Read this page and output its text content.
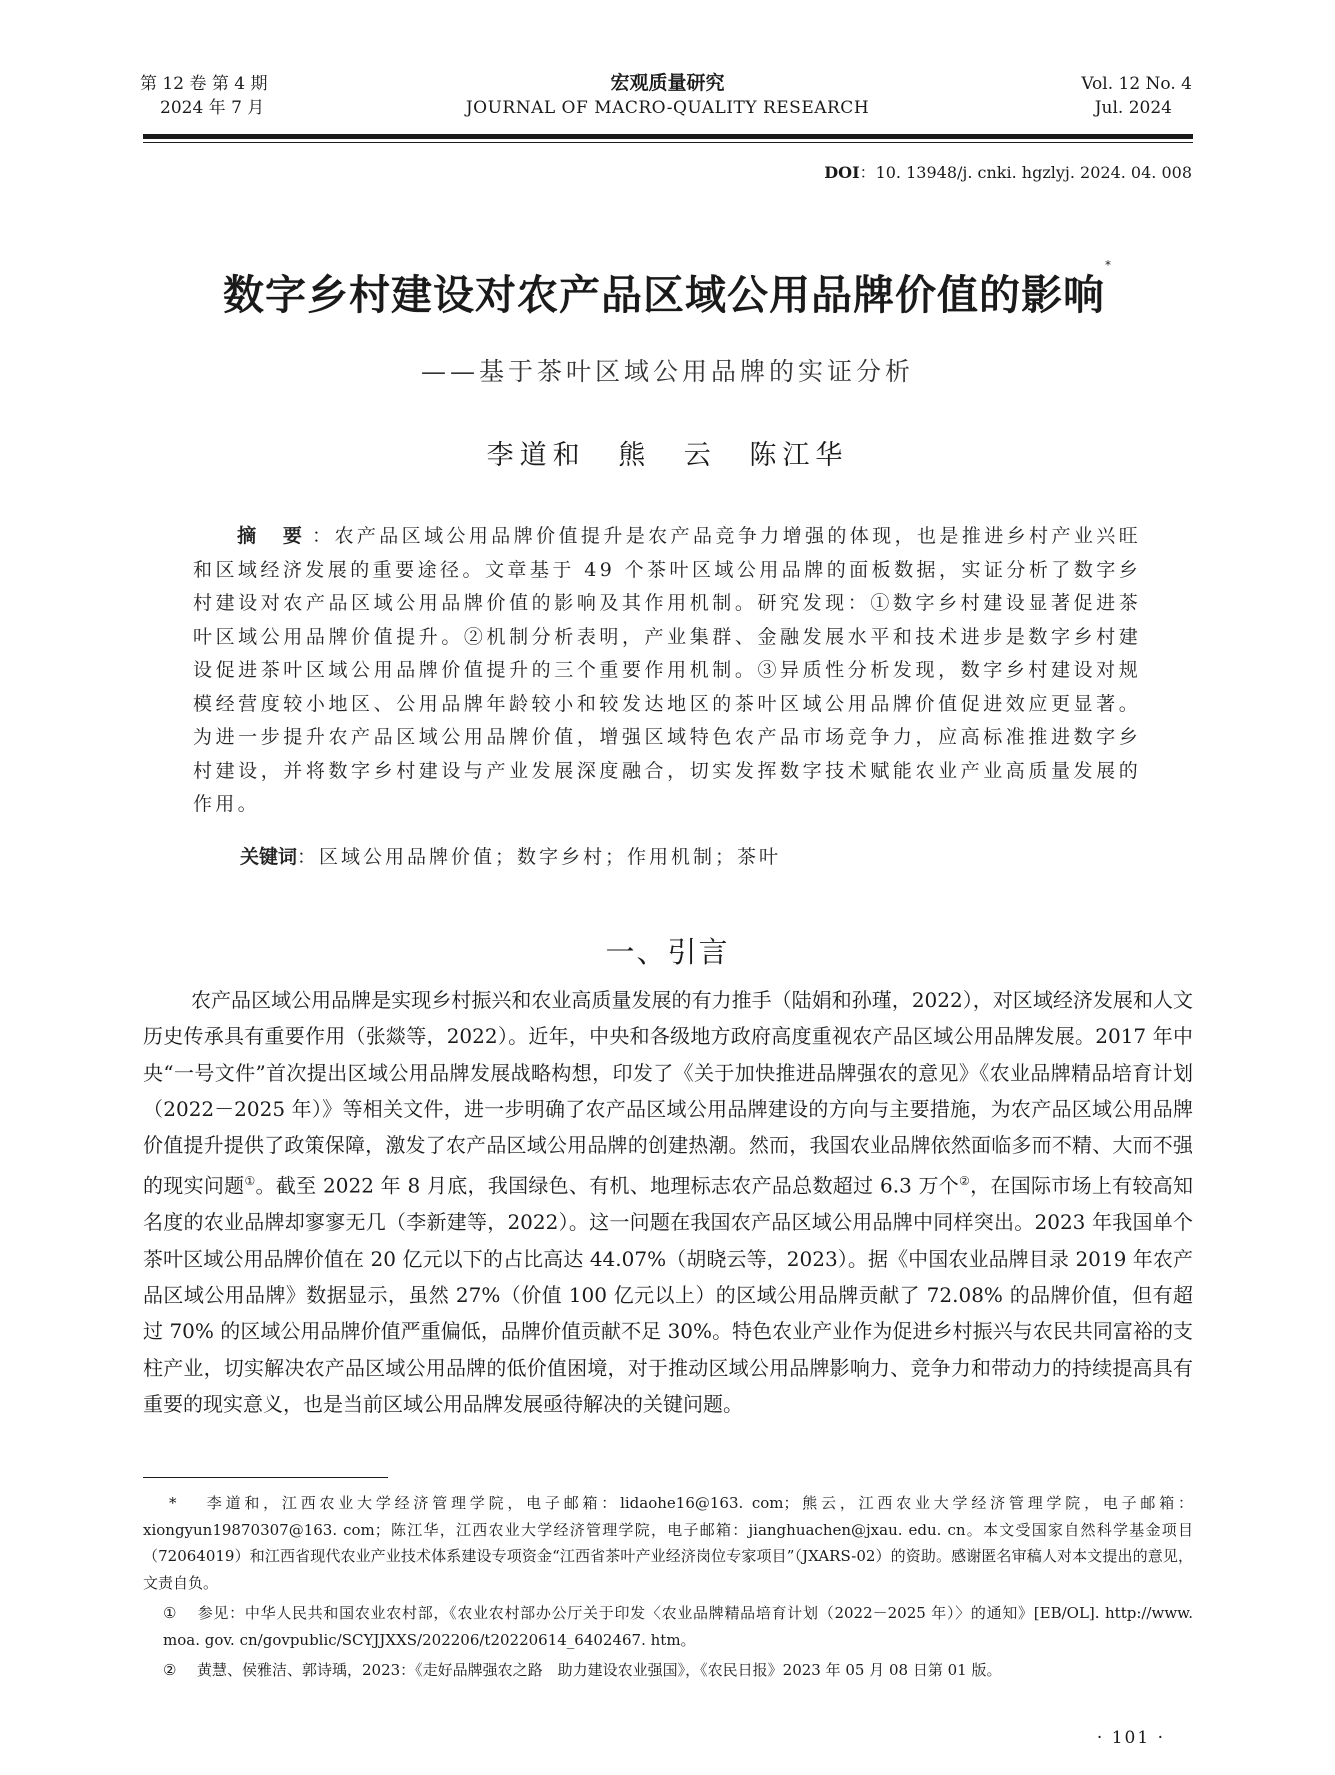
第 12 卷 第 4 期
2024 年 7 月
宏观质量研究
JOURNAL OF MACRO-QUALITY RESEARCH
Vol. 12 No. 4
Jul. 2024
DOI：10. 13948/j. cnki. hgzlyj. 2024. 04. 008
数字乡村建设对农产品区域公用品牌价值的影响*
——基于茶叶区域公用品牌的实证分析
李道和 熊 云 陈江华
摘 要：农产品区域公用品牌价值提升是农产品竞争力增强的体现，也是推进乡村产业兴旺和区域经济发展的重要途径。文章基于 49 个茶叶区域公用品牌的面板数据，实证分析了数字乡村建设对农产品区域公用品牌价值的影响及其作用机制。研究发现：①数字乡村建设显著促进茶叶区域公用品牌价值提升。②机制分析表明，产业集群、金融发展水平和技术进步是数字乡村建设促进茶叶区域公用品牌价值提升的三个重要作用机制。③异质性分析发现，数字乡村建设对规模经营度较小地区、公用品牌年龄较小和较发达地区的茶叶区域公用品牌价值促进效应更显著。为进一步提升农产品区域公用品牌价值，增强区域特色农产品市场竞争力，应高标准推进数字乡村建设，并将数字乡村建设与产业发展深度融合，切实发挥数字技术赋能农业产业高质量发展的作用。
关键词：区域公用品牌价值；数字乡村；作用机制；茶叶
一、引言
农产品区域公用品牌是实现乡村振兴和农业高质量发展的有力推手（陆娟和孙瑾，2022），对区域经济发展和人文历史传承具有重要作用（张燚等，2022）。近年，中央和各级地方政府高度重视农产品区域公用品牌发展。2017 年中央“一号文件”首次提出区域公用品牌发展战略构想，印发了《关于加快推进品牌强农的意见》《农业品牌精品培育计划（2022－2025 年）》等相关文件，进一步明确了农产品区域公用品牌建设的方向与主要措施，为农产品区域公用品牌价值提升提供了政策保障，激发了农产品区域公用品牌的创建热潮。然而，我国农业品牌依然面临多而不精、大而不强的现实问题①。截至 2022 年 8 月底，我国绿色、有机、地理标志农产品总数超过 6.3 万个②，在国际市场上有较高知名度的农业品牌却寥寥无几（李新建等，2022）。这一问题在我国农产品区域公用品牌中同样突出。2023 年我国单个茶叶区域公用品牌价值在 20 亿元以下的占比高达 44.07%（胡晓云等，2023）。据《中国农业品牌目录 2019 年农产品区域公用品牌》数据显示，虽然 27%（价值 100 亿元以上）的区域公用品牌贡献了 72.08% 的品牌价值，但有超过 70% 的区域公用品牌价值严重偏低，品牌价值贡献不足 30%。特色农业产业作为促进乡村振兴与农民共同富裕的支柱产业，切实解决农产品区域公用品牌的低价值困境，对于推动区域公用品牌影响力、竞争力和带动力的持续提高具有重要的现实意义，也是当前区域公用品牌发展亟待解决的关键问题。

* 李道和，江西农业大学经济管理学院，电子邮箱：lidaohe16@163. com；熊云，江西农业大学经济管理学院，电子邮箱：xiongyun19870307@163. com；陈江华，江西农业大学经济管理学院，电子邮箱：jianghuachen@jxau. edu. cn。本文受国家自然科学基金项目（72064019）和江西省现代农业产业技术体系建设专项资金“江西省茶叶产业经济岗位专家项目”（JXARS-02）的资助。感谢匿名审稿人对本文提出的意见，文责自负。

① 参见：中华人民共和国农业农村部，《农业农村部办公厅关于印发〈农业品牌精品培育计划（2022－2025 年）〉的通知》[EB/OL]. http://www. moa. gov. cn/govpublic/SCYJJXXS/202206/t20220614_6402467. htm。

② 黄慧、侯雅洁、郭诗瑀，2023：《走好品牌强农之路　助力建设农业强国》，《农民日报》2023 年 05 月 08 日第 01 版。

· 101 ·
